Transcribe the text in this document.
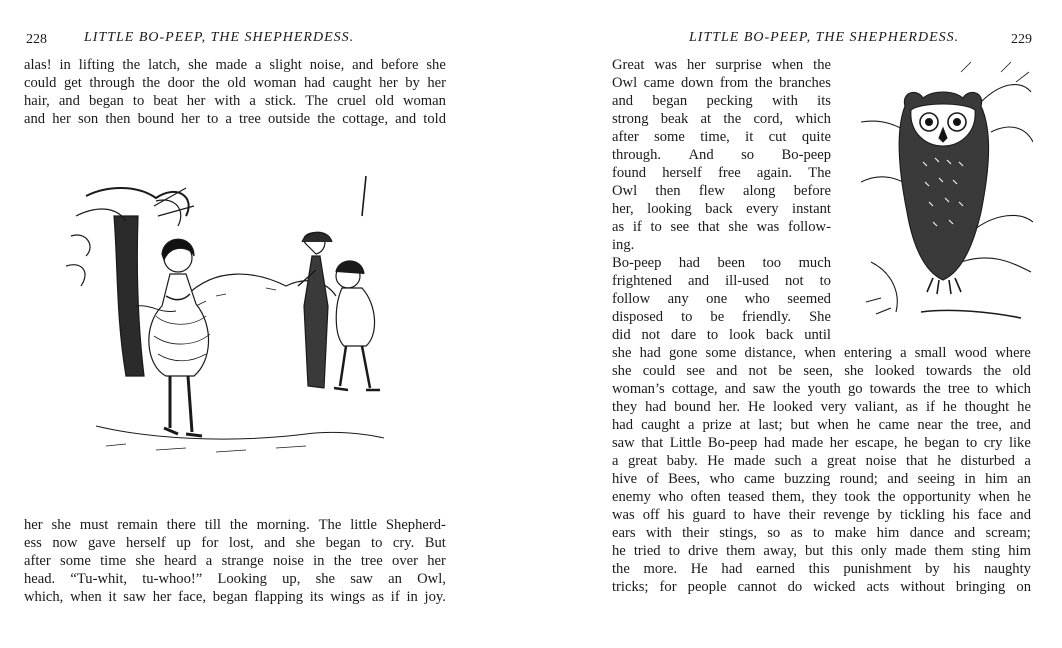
228	LITTLE BO-PEEP, THE SHEPHERDESS.
alas! in lifting the latch, she made a slight noise, and before she
could get through the door the old woman had caught her by her
hair, and began to beat her with a stick. The cruel old woman
and her son then bound her to a tree outside the cottage, and told
her she must remain there till the morning. The little Shepherd-
ess now gave herself up for lost, and she began to cry. But
after some time she heard a strange noise in the tree over her
head. “Tu-whit, tu-whoo!” Looking up, she saw an Owl,
which, when it saw her face, began flapping its wings as if in joy.
LITTLE BO-PEEP, THE SHEPHERDESS.	229
Great was her surprise when the
Owl came down from the branches
and began pecking with its
strong beak at the cord, which
after some time, it cut quite
through. And so Bo-peep
found herself free again. The
Owl then flew along before
her, looking back every instant
as if to see that she was follow-
ing.
Bo-peep had been too much
frightened and ill-used not to
follow any one who seemed
disposed to be friendly. She
did not dare to look back until
she had gone some distance, when entering a small wood where
she could see and not be seen, she looked towards the old
woman’s cottage, and saw the youth go towards the tree to which
they had bound her. He looked very valiant, as if he thought he
had caught a prize at last; but when he came near the tree, and
saw that Little Bo-peep had made her escape, he began to cry like
a great baby. He made such a great noise that he disturbed a
hive of Bees, who came buzzing round; and seeing in him an
enemy who often teased them, they took the opportunity when he
was off his guard to have their revenge by tickling his face and
ears with their stings, so as to make him dance and scream;
he tried to drive them away, but this only made them sting him
the more. He had earned this punishment by his naughty
tricks; for people cannot do wicked acts without bringing on
